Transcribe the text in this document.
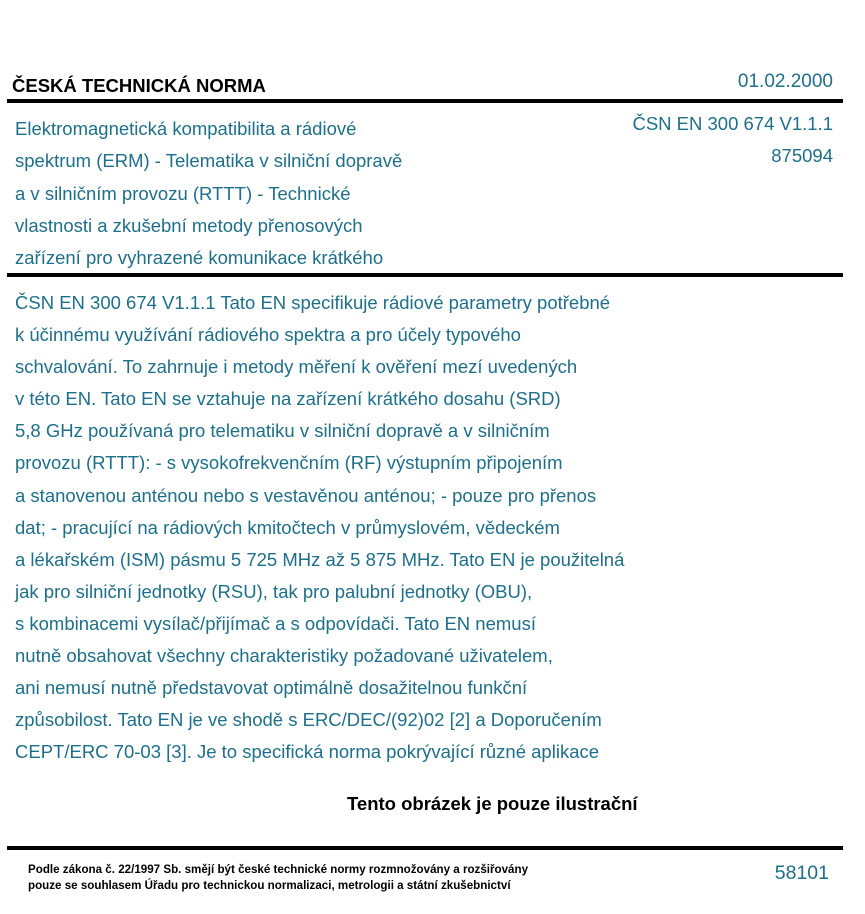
ČESKÁ TECHNICKÁ NORMA	01.02.2000
Elektromagnetická kompatibilita a rádiové
spektrum (ERM) - Telematika v silniční dopravě
a v silničním provozu (RTTT) - Technické
vlastnosti a zkušební metody přenosových
zařízení pro vyhrazené komunikace krátkého
ČSN EN 300 674 V1.1.1
875094
ČSN EN 300 674 V1.1.1 Tato EN specifikuje rádiové parametry potřebné
k účinnému využívání rádiového spektra a pro účely typového
schvalování. To zahrnuje i metody měření k ověření mezí uvedených
v této EN. Tato EN se vztahuje na zařízení krátkého dosahu (SRD)
5,8 GHz používaná pro telematiku v silniční dopravě a v silničním
provozu (RTTT): - s vysokofrekvenčním (RF) výstupním připojením
a stanovenou anténou nebo s vestavěnou anténou; - pouze pro přenos
dat; - pracující na rádiových kmitočtech v průmyslovém, vědeckém
a lékařském (ISM) pásmu 5 725 MHz až 5 875 MHz. Tato EN je použitelná
jak pro silniční jednotky (RSU), tak pro palubní jednotky (OBU),
s kombinacemi vysílač/přijímač a s odpovídači. Tato EN nemusí
nutně obsahovat všechny charakteristiky požadované uživatelem,
ani nemusí nutně představovat optimálně dosažitelnou funkční
způsobilost. Tato EN je ve shodě s ERC/DEC/(92)02 [2] a Doporučením
CEPT/ERC 70-03 [3]. Je to specifická norma pokrývající různé aplikace
Tento obrázek je pouze ilustrační
Podle zákona č. 22/1997 Sb. smějí být české technické normy rozmnožovány a rozšiřovány
pouze se souhlasem Úřadu pro technickou normalizaci, metrologii a státní zkušebnictví
58101
